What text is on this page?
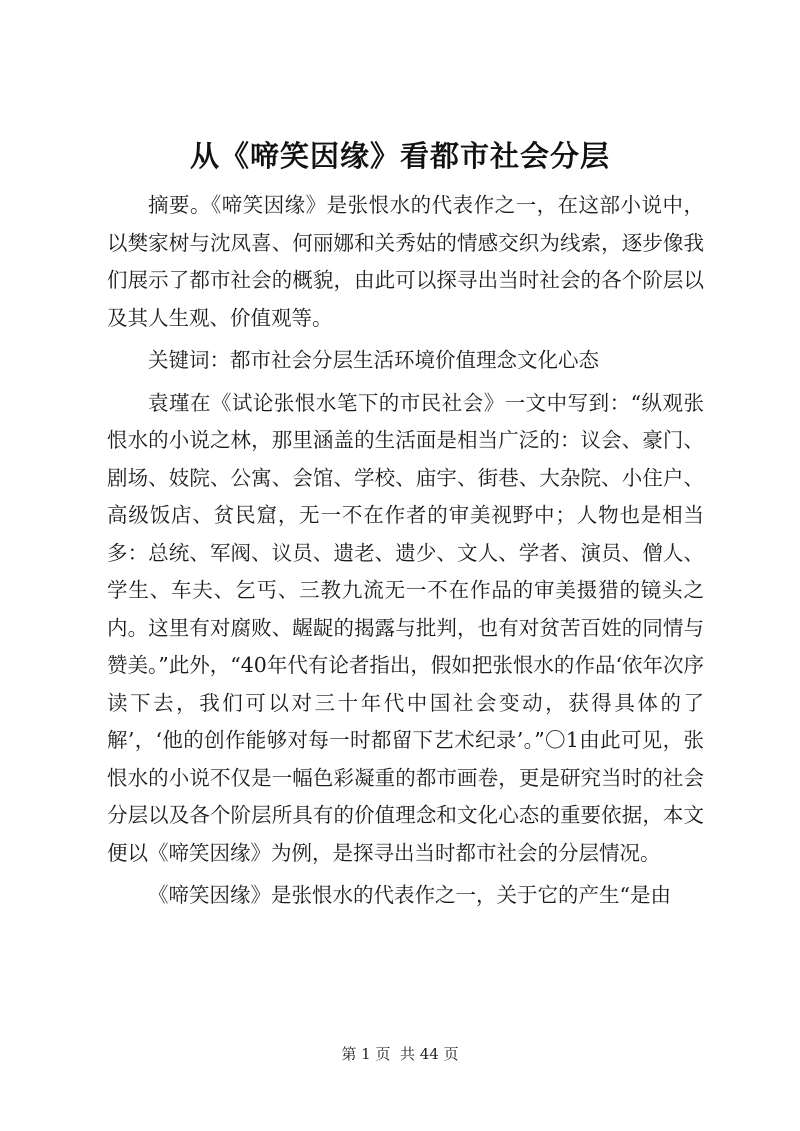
从《啼笑因缘》看都市社会分层

摘要。《啼笑因缘》是张恨水的代表作之一，在这部小说中，以樊家树与沈凤喜、何丽娜和关秀姑的情感交织为线索，逐步像我们展示了都市社会的概貌，由此可以探寻出当时社会的各个阶层以及其人生观、价值观等。

关键词：都市社会分层生活环境价值理念文化心态

袁瑾在《试论张恨水笔下的市民社会》一文中写到：“纵观张恨水的小说之林，那里涵盖的生活面是相当广泛的：议会、豪门、剧场、妓院、公寓、会馆、学校、庙宇、街巷、大杂院、小住户、高级饭店、贫民窟，无一不在作者的审美视野中；人物也是相当多：总统、军阀、议员、遗老、遗少、文人、学者、演员、僧人、学生、车夫、乞丐、三教九流无一不在作品的审美摄猎的镜头之内。这里有对腐败、龌龊的揭露与批判，也有对贫苦百姓的同情与赞美。”此外，“40年代有论者指出，假如把张恨水的作品‘依年次序读下去，我们可以对三十年代中国社会变动，获得具体的了解’，‘他的创作能够对每一时都留下艺术纪录’。”〇1由此可见，张恨水的小说不仅是一幅色彩凝重的都市画卷，更是研究当时的社会分层以及各个阶层所具有的价值理念和文化心态的重要依据，本文便以《啼笑因缘》为例，是探寻出当时都市社会的分层情况。

《啼笑因缘》是张恨水的代表作之一，关于它的产生“是由

第 1 页  共 44 页
